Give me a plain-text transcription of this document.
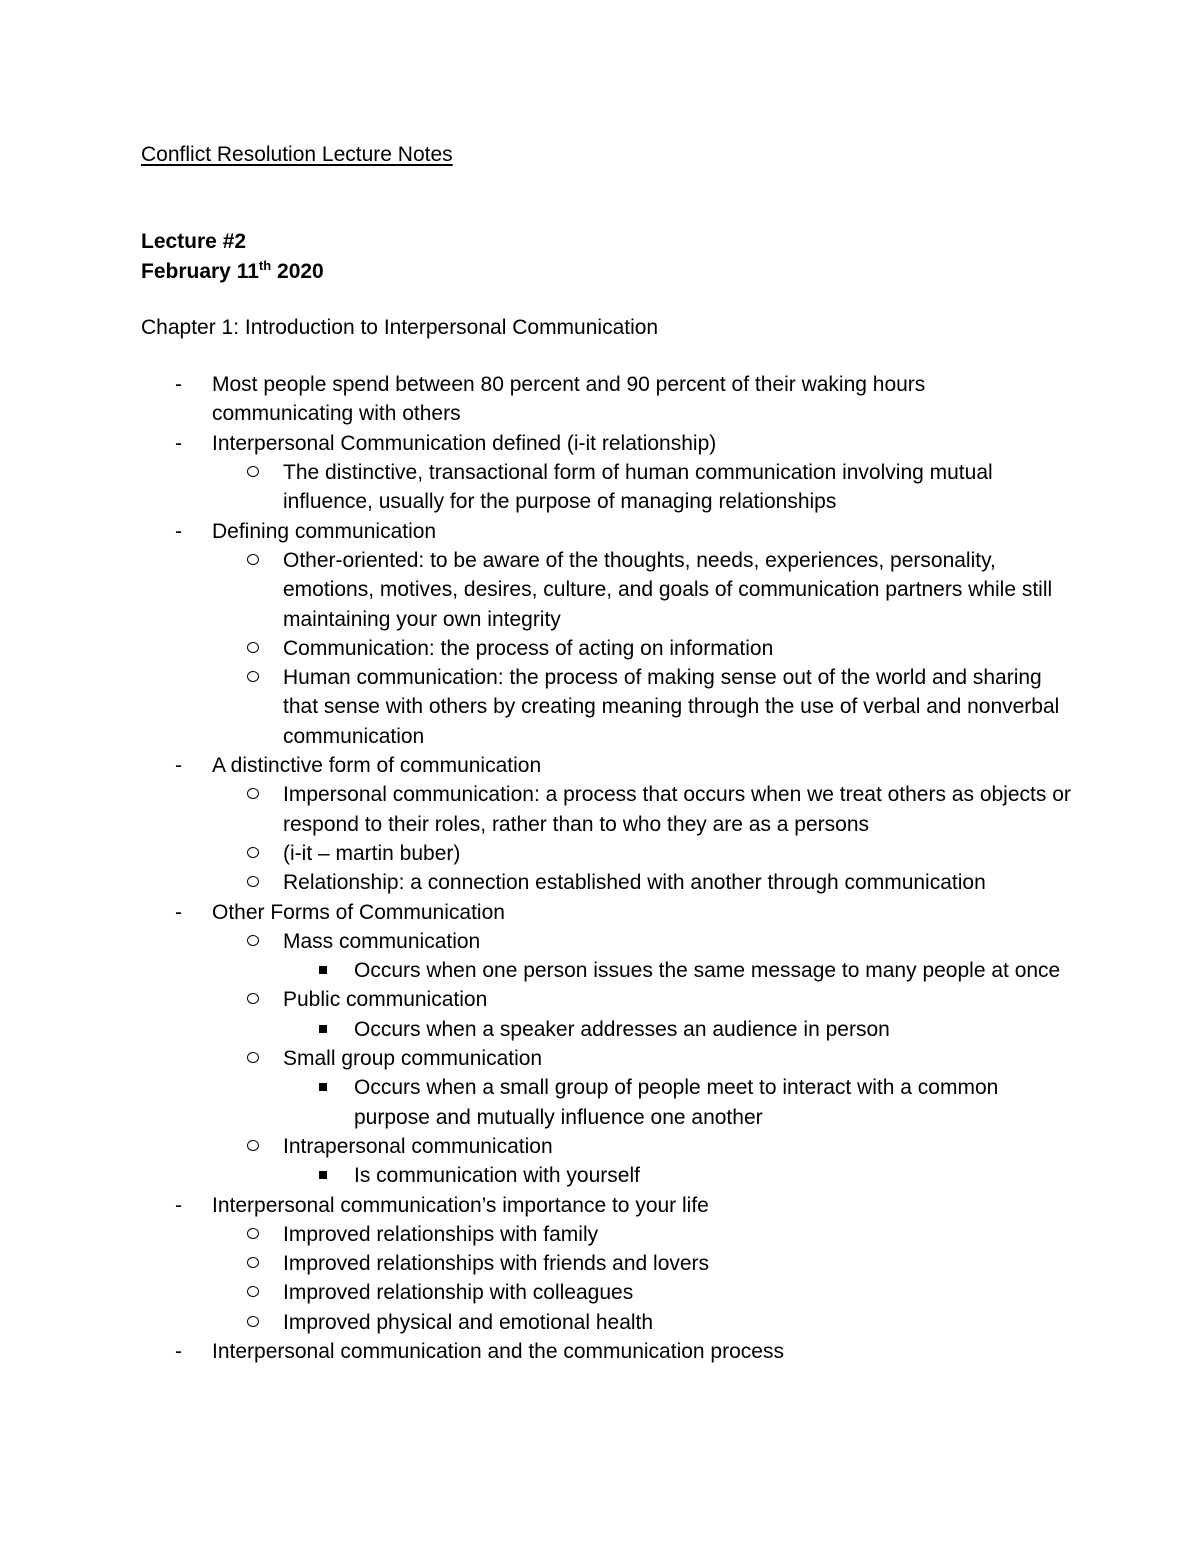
Conflict Resolution Lecture Notes
Lecture #2
February 11th 2020
Chapter 1: Introduction to Interpersonal Communication
- Most people spend between 80 percent and 90 percent of their waking hours communicating with others
- Interpersonal Communication defined (i-it relationship)
The distinctive, transactional form of human communication involving mutual influence, usually for the purpose of managing relationships
- Defining communication
Other-oriented: to be aware of the thoughts, needs, experiences, personality, emotions, motives, desires, culture, and goals of communication partners while still maintaining your own integrity
Communication: the process of acting on information
Human communication: the process of making sense out of the world and sharing that sense with others by creating meaning through the use of verbal and nonverbal communication
- A distinctive form of communication
Impersonal communication: a process that occurs when we treat others as objects or respond to their roles, rather than to who they are as a persons
(i-it – martin buber)
Relationship: a connection established with another through communication
- Other Forms of Communication
Mass communication
Occurs when one person issues the same message to many people at once
Public communication
Occurs when a speaker addresses an audience in person
Small group communication
Occurs when a small group of people meet to interact with a common purpose and mutually influence one another
Intrapersonal communication
Is communication with yourself
- Interpersonal communication’s importance to your life
Improved relationships with family
Improved relationships with friends and lovers
Improved relationship with colleagues
Improved physical and emotional health
- Interpersonal communication and the communication process
